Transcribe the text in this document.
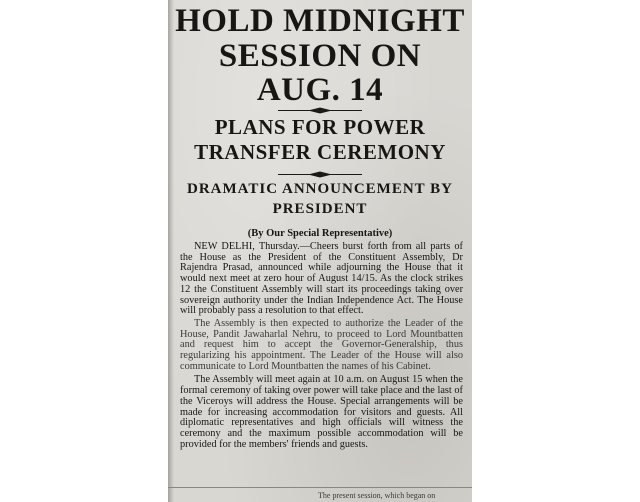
HOLD MIDNIGHT
SESSION ON
AUG. 14
PLANS FOR POWER
TRANSFER CEREMONY
DRAMATIC ANNOUNCEMENT BY
PRESIDENT
(By Our Special Representative)

NEW DELHI, Thursday.—Cheers burst forth from all parts of the House as the President of the Constituent Assembly, Dr Rajendra Prasad, announced while adjourning the House that it would next meet at zero hour of August 14/15. As the clock strikes 12 the Constituent Assembly will start its proceedings taking over sovereign authority under the Indian Independence Act. The House will probably pass a resolution to that effect.

The Assembly is then expected to authorize the Leader of the House, Pandit Jawaharlal Nehru, to proceed to Lord Mountbatten and request him to accept the Governor-Generalship, thus regularizing his appointment. The Leader of the House will also communicate to Lord Mountbatten the names of his Cabinet.

The Assembly will meet again at 10 a.m. on August 15 when the formal ceremony of taking over power will take place and the last of the Viceroys will address the House. Special arrangements will be made for increasing accommodation for visitors and guests. All diplomatic representatives and high officials will witness the ceremony and the maximum possible accommodation will be provided for the members' friends and guests.

The present session, which began on
